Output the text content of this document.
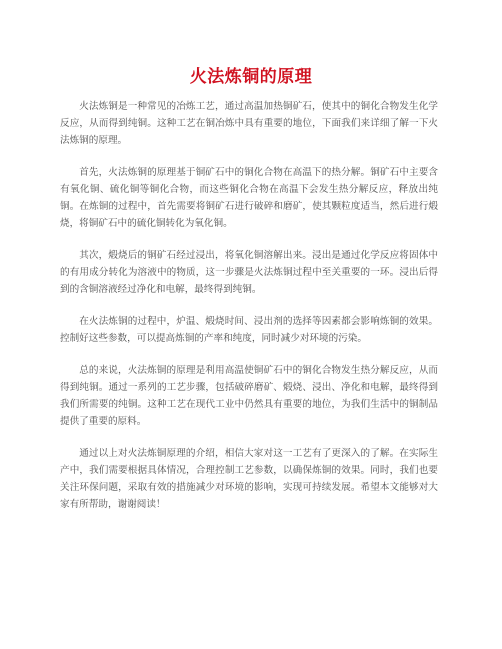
火法炼铜的原理

火法炼铜是一种常见的冶炼工艺，通过高温加热铜矿石，使其中的铜化合物发生化学反应，从而得到纯铜。这种工艺在铜冶炼中具有重要的地位，下面我们来详细了解一下火法炼铜的原理。

首先，火法炼铜的原理基于铜矿石中的铜化合物在高温下的热分解。铜矿石中主要含有氧化铜、硫化铜等铜化合物，而这些铜化合物在高温下会发生热分解反应，释放出纯铜。在炼铜的过程中，首先需要将铜矿石进行破碎和磨矿，使其颗粒度适当，然后进行煅烧，将铜矿石中的硫化铜转化为氧化铜。

其次，煅烧后的铜矿石经过浸出，将氧化铜溶解出来。浸出是通过化学反应将固体中的有用成分转化为溶液中的物质，这一步骤是火法炼铜过程中至关重要的一环。浸出后得到的含铜溶液经过净化和电解，最终得到纯铜。

在火法炼铜的过程中，炉温、煅烧时间、浸出剂的选择等因素都会影响炼铜的效果。控制好这些参数，可以提高炼铜的产率和纯度，同时减少对环境的污染。

总的来说，火法炼铜的原理是利用高温使铜矿石中的铜化合物发生热分解反应，从而得到纯铜。通过一系列的工艺步骤，包括破碎磨矿、煅烧、浸出、净化和电解，最终得到我们所需要的纯铜。这种工艺在现代工业中仍然具有重要的地位，为我们生活中的铜制品提供了重要的原料。

通过以上对火法炼铜原理的介绍，相信大家对这一工艺有了更深入的了解。在实际生产中，我们需要根据具体情况，合理控制工艺参数，以确保炼铜的效果。同时，我们也要关注环保问题，采取有效的措施减少对环境的影响，实现可持续发展。希望本文能够对大家有所帮助，谢谢阅读！
